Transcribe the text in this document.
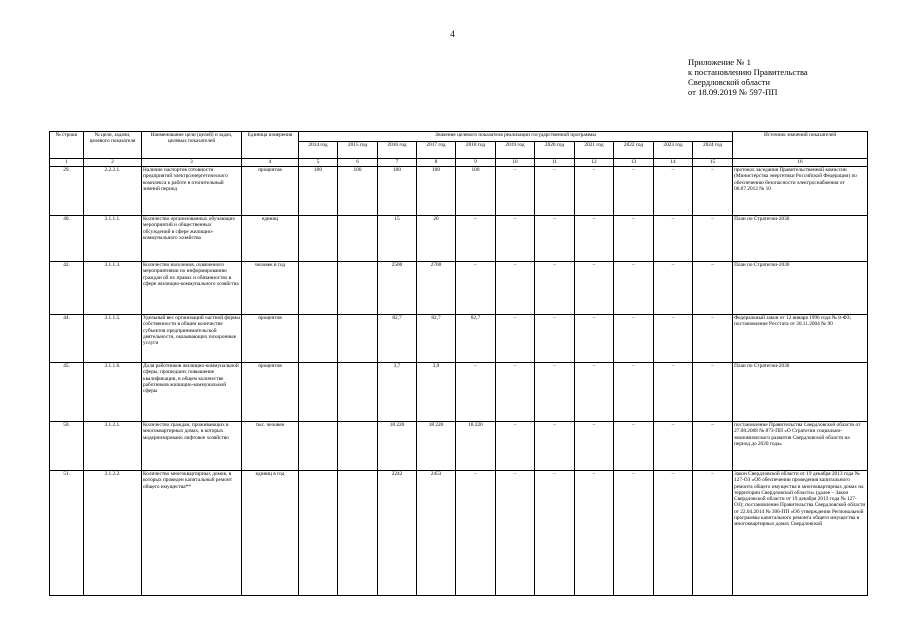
4
Приложение № 1
к постановлению Правительства
Свердловской области
от 18.09.2019 № 597-ПП
№ строки	№ цели, задачи, целевого показателя	Наименование цели (целей) и задач, целевых показателей	Единица измерения	Значение целевого показателя реализации государственной программы											Источник значений показателей
				2014 год	2015 год	2016 год	2017 год	2018 год	2019 год	2020 год	2021 год	2022 год	2023 год	2024 год	
1	2	3	4	5	6	7	8	9	10	11	12	13	14	15	16
29.	2.2.2.1.	Наличие паспортов готовности предприятий электроэнергетического комплекса к работе в отопительный зимний период	процентов	100	100	100	100	100	–	–	–	–	–	–	протокол заседания Правительственной комиссии (Министерства энергетики Российской Федерации) по обеспечению безопасности электроснабжения от 06.07.2012 № 10
40.	3.1.1.1.	Количество организованных обучающих мероприятий и общественных обсуждений в сфере жилищно-коммунального хозяйства	единиц			15	20	–	–	–	–	–	–	–	План по Стратегии-2030
42.	3.1.1.3.	Количество населения, охваченного мероприятиями по информированию граждан об их правах и обязанностях в сфере жилищно-коммунального хозяйства	человек в год			2500	2700	–	–	–	–	–	–	–	План по Стратегии-2030
44.	3.1.1.5.	Удельный вес организаций частной формы собственности в общем количестве субъектов предпринимательской деятельности, оказывающих похоронные услуги	процентов			82,7	82,7	82,7	–	–	–	–	–	–	Федеральный закон от 12 января 1996 года № 8-ФЗ; постановление Росстата от 30.11.2004 № 90
45.	3.1.1.6.	Доля работников жилищно-коммунальной сферы, прошедших повышение квалификации, в общем количестве работников жилищно-коммунальной сферы	процентов			3,7	3,9	–	–	–	–	–	–	–	План по Стратегии-2030
50.	3.1.2.1.	Количество граждан, проживающих в многоквартирных домах, в которых модернизировано лифтовое хозяйство	тыс. человек			18 220	18 220	18 220	–	–	–	–	–	–	постановление Правительства Свердловской области от 27.08.2008 № 873-ПП «О Стратегии социально-экономического развития Свердловской области на период до 2020 года»
51.	3.1.2.2.	Количество многоквартирных домов, в которых проведен капитальный ремонт общего имущества**	единиц в год			2242	2453	–	–	–	–	–	–	–	Закон Свердловской области от 19 декабря 2013 года № 127-ОЗ «Об обеспечении проведения капитального ремонта общего имущества в многоквартирных домах на территории Свердловской области» (далее – Закон Свердловской области от 19 декабря 2013 года № 127-ОЗ); постановление Правительства Свердловской области от 22.04.2014 № 306-ПП «Об утверждении Региональной программы капитального ремонта общего имущества в многоквартирных домах Свердловской
